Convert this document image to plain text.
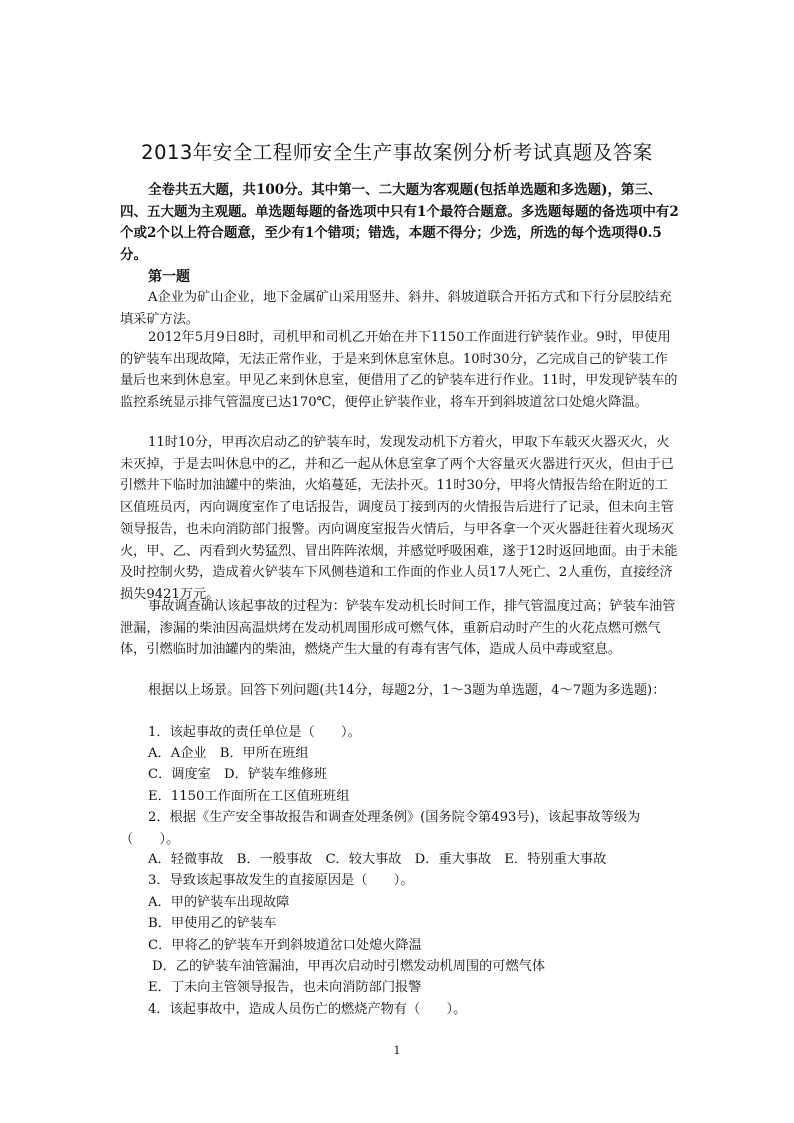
2013年安全工程师安全生产事故案例分析考试真题及答案

全卷共五大题，共100分。其中第一、二大题为客观题(包括单选题和多选题)，第三、四、五大题为主观题。单选题每题的备选项中只有1个最符合题意。多选题每题的备选项中有2个或2个以上符合题意，至少有1个错项；错选，本题不得分；少选，所选的每个选项得0.5分。

第一题

A企业为矿山企业，地下金属矿山采用竖井、斜井、斜坡道联合开拓方式和下行分层胶结充填采矿方法。

2012年5月9日8时，司机甲和司机乙开始在井下1150工作面进行铲装作业。9时，甲使用的铲装车出现故障，无法正常作业，于是来到休息室休息。10时30分，乙完成自己的铲装工作量后也来到休息室。甲见乙来到休息室，便借用了乙的铲装车进行作业。11时，甲发现铲装车的监控系统显示排气管温度已达170℃，便停止铲装作业，将车开到斜坡道岔口处熄火降温。

11时10分，甲再次启动乙的铲装车时，发现发动机下方着火，甲取下车载灭火器灭火，火未灭掉，于是去叫休息中的乙，并和乙一起从休息室拿了两个大容量灭火器进行灭火，但由于已引燃井下临时加油罐中的柴油，火焰蔓延，无法扑灭。11时30分，甲将火情报告给在附近的工区值班员丙，丙向调度室作了电话报告，调度员丁接到丙的火情报告后进行了记录，但未向主管领导报告，也未向消防部门报警。丙向调度室报告火情后，与甲各拿一个灭火器赶往着火现场灭火，甲、乙、丙看到火势猛烈、冒出阵阵浓烟，并感觉呼吸困难，遂于12时返回地面。由于未能及时控制火势，造成着火铲装车下风侧巷道和工作面的作业人员17人死亡、2人重伤，直接经济损失9421万元。

事故调查确认该起事故的过程为：铲装车发动机长时间工作，排气管温度过高；铲装车油管泄漏，渗漏的柴油因高温烘烤在发动机周围形成可燃气体，重新启动时产生的火花点燃可燃气体，引燃临时加油罐内的柴油，燃烧产生大量的有毒有害气体，造成人员中毒或窒息。

根据以上场景。回答下列问题(共14分，每题2分，1～3题为单选题，4～7题为多选题)：

1．该起事故的责任单位是（　　）。

A．A企业　B．甲所在班组

C．调度室　D．铲装车维修班

E．1150工作面所在工区值班班组

2．根据《生产安全事故报告和调查处理条例》(国务院令第493号)，该起事故等级为（　　）。

A．轻微事故　B．一般事故　C．较大事故　D．重大事故　E．特别重大事故

3．导致该起事故发生的直接原因是（　　）。

A．甲的铲装车出现故障

B．甲使用乙的铲装车

C．甲将乙的铲装车开到斜坡道岔口处熄火降温

D．乙的铲装车油管漏油，甲再次启动时引燃发动机周围的可燃气体

E．丁未向主管领导报告，也未向消防部门报警

4．该起事故中，造成人员伤亡的燃烧产物有（　　）。

1
